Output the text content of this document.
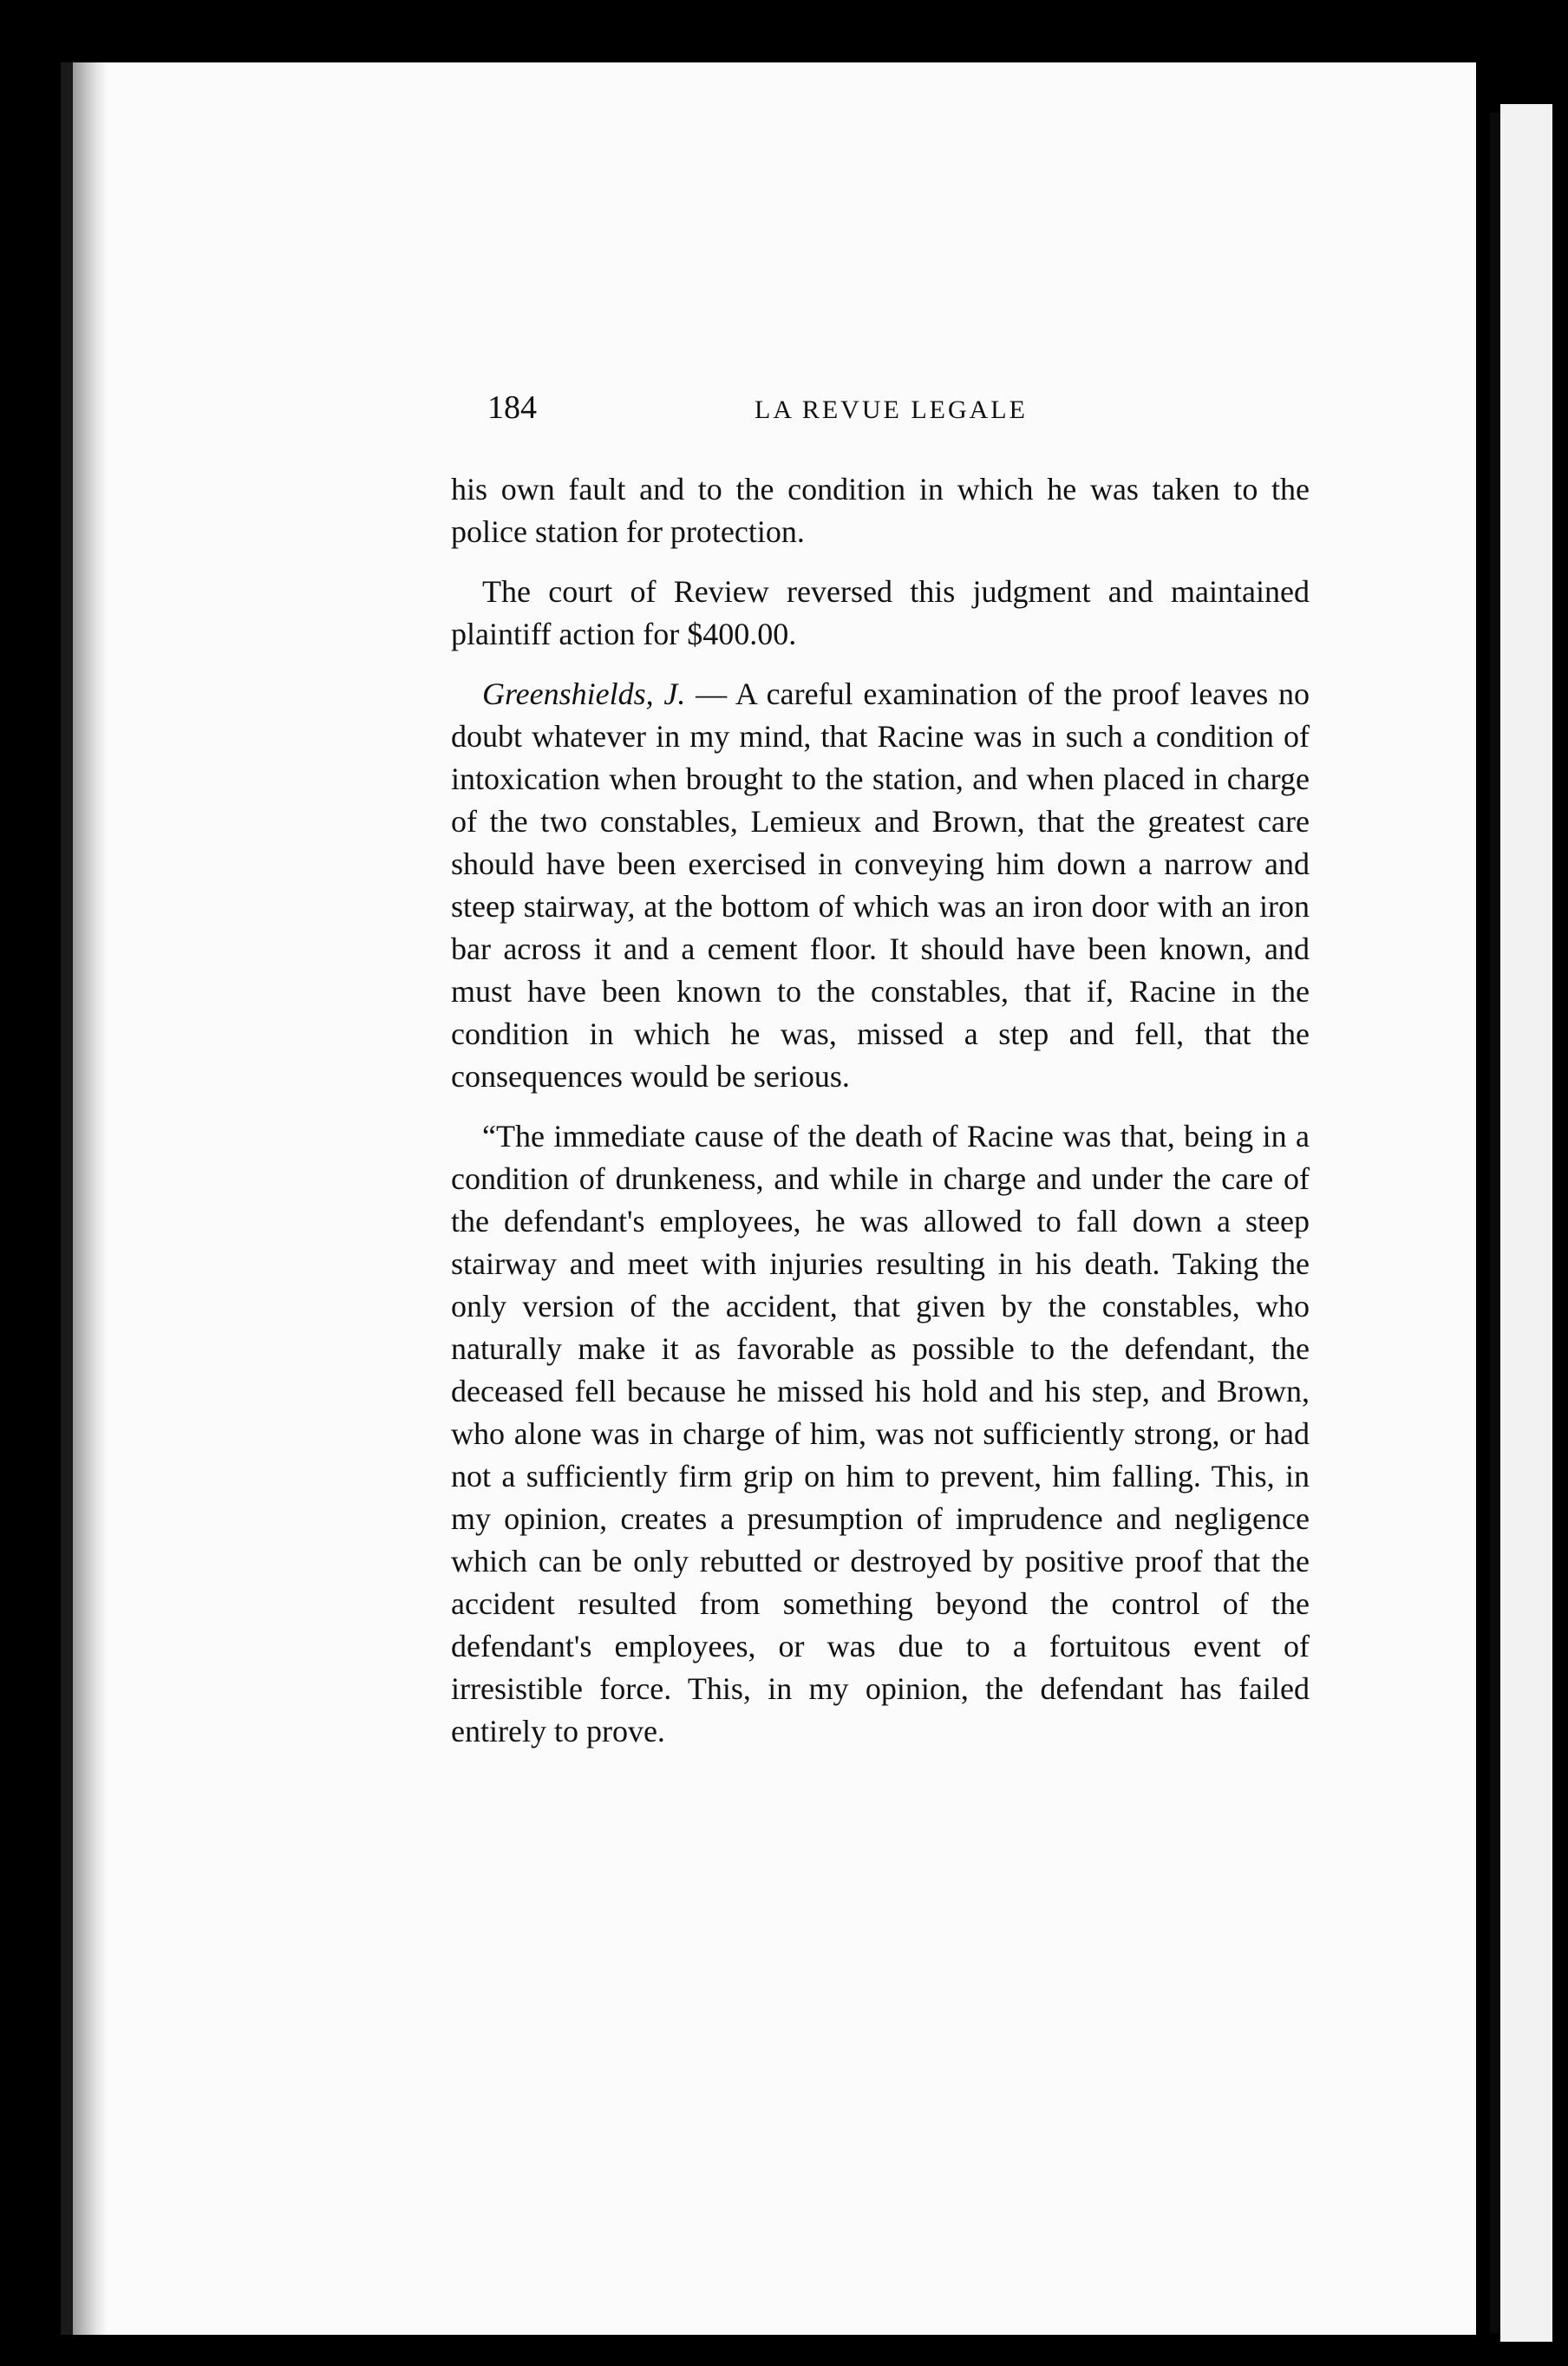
184	LA REVUE LEGALE

his own fault and to the condition in which he was taken to the police station for protection.

The court of Review reversed this judgment and maintained plaintiff action for $400.00.

Greenshields, J. — A careful examination of the proof leaves no doubt whatever in my mind, that Racine was in such a condition of intoxication when brought to the station, and when placed in charge of the two constables, Lemieux and Brown, that the greatest care should have been exercised in conveying him down a narrow and steep stairway, at the bottom of which was an iron door with an iron bar across it and a cement floor. It should have been known, and must have been known to the constables, that if, Racine in the condition in which he was, missed a step and fell, that the consequences would be serious.

“The immediate cause of the death of Racine was that, being in a condition of drunkeness, and while in charge and under the care of the defendant's employees, he was allowed to fall down a steep stairway and meet with injuries resulting in his death. Taking the only version of the accident, that given by the constables, who naturally make it as favorable as possible to the defendant, the deceased fell because he missed his hold and his step, and Brown, who alone was in charge of him, was not sufficiently strong, or had not a sufficiently firm grip on him to prevent, him falling. This, in my opinion, creates a presumption of imprudence and negligence which can be only rebutted or destroyed by positive proof that the accident resulted from something beyond the control of the defendant's employees, or was due to a fortuitous event of irresistible force. This, in my opinion, the defendant has failed entirely to prove.
